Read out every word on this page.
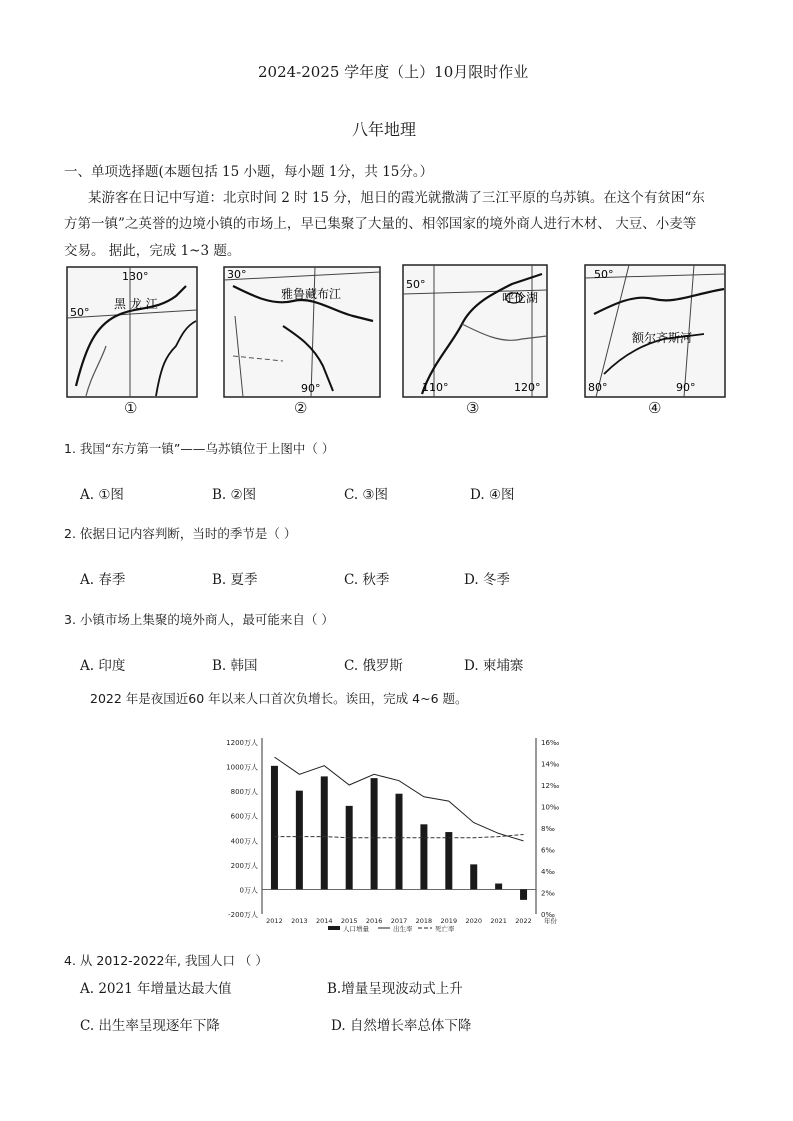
2024-2025 学年度（上）10月限时作业
八年地理
一、单项选择题(本题包括 15 小题，每小题 1分，共 15分。）
某游客在日记中写道：北京时间 2 时 15 分，旭日的霞光就撒满了三江平原的乌苏镇。在这个有贫困“东
方第一镇”之英誉的边境小镇的市场上，早已集聚了大量的、相邻国家的境外商人进行木材、 大豆、小麦等
交易。 据此，完成 1~3 题。
130°
50°
黑 龙 江
①
30°
雅鲁藏布江
90°
②
50°
呼伦湖
110°	120°
③
50°
额尔齐斯河
80°	90°
④
1. 我国“东方第一镇”——乌苏镇位于上图中（ ）
A. ①图	B. ②图	C. ③图	D. ④图
2. 依据日记内容判断，当时的季节是（ ）
A. 春季	B. 夏季	C. 秋季	D. 冬季
3. 小镇市场上集聚的境外商人，最可能来自（ ）
A. 印度	B. 韩国	C. 俄罗斯	D. 柬埔寨
2022 年是夜国近60 年以来人口首次负增长。诶田，完成 4~6 题。
1200万人
1000万人
800万人
600万人
400万人
200万人
0万人
-200万人
16‰
14‰
12‰
10‰
8‰
6‰
4‰
2‰
0‰
2012 2013 2014 2015 2016 2017 2018 2019 2020 2021 2022 年份
人口增量	出生率	死亡率
4. 从 2012-2022年, 我国人口 （ ）
A. 2021 年增量达最大值	B.增量呈现波动式上升
C. 出生率呈现逐年下降	D. 自然增长率总体下降
